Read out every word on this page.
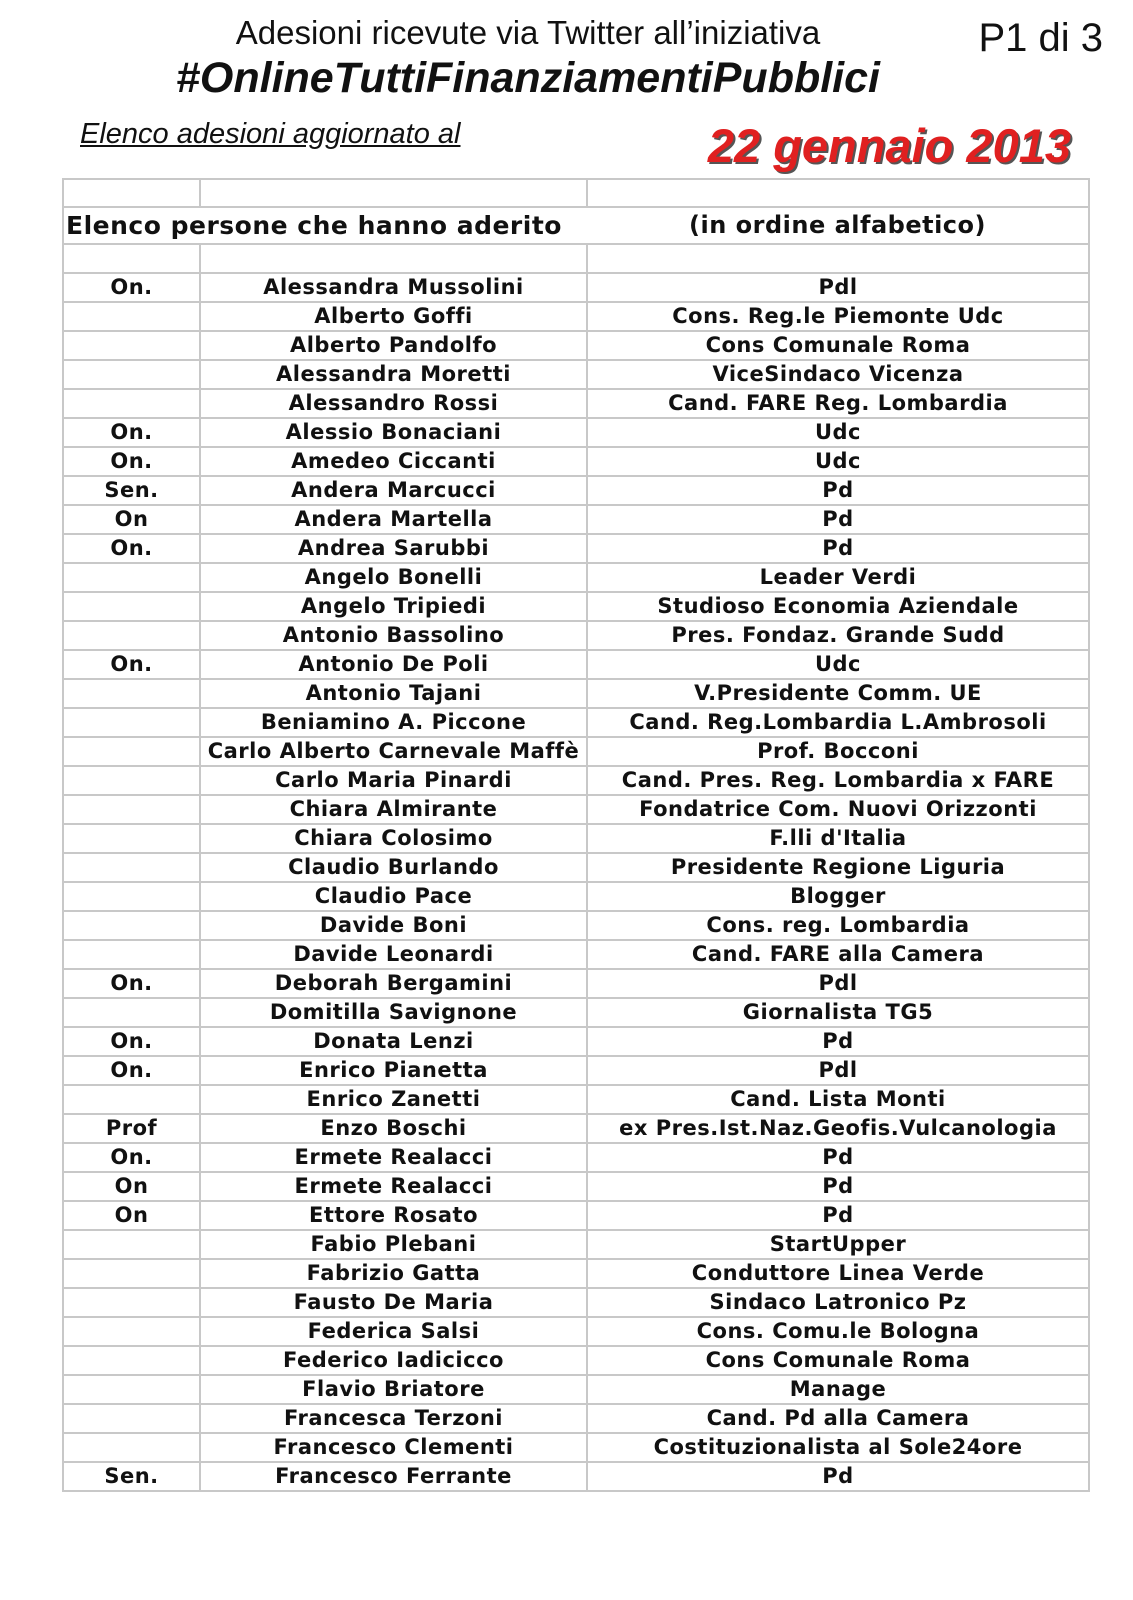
Adesioni ricevute via Twitter all’iniziativa
#OnlineTuttiFinanziamentiPubblici
P1 di 3
Elenco adesioni aggiornato al	22 gennaio 2013

Elenco persone che hanno aderito		(in ordine alfabetico)

On.	Alessandra Mussolini	Pdl
	Alberto Goffi	Cons. Reg.le Piemonte Udc
	Alberto Pandolfo	Cons Comunale Roma
	Alessandra Moretti	ViceSindaco Vicenza
	Alessandro Rossi	Cand. FARE Reg. Lombardia
On.	Alessio Bonaciani	Udc
On.	Amedeo Ciccanti	Udc
Sen.	Andera Marcucci	Pd
On	Andera Martella	Pd
On.	Andrea Sarubbi	Pd
	Angelo Bonelli	Leader Verdi
	Angelo Tripiedi	Studioso Economia Aziendale
	Antonio Bassolino	Pres. Fondaz. Grande Sudd
On.	Antonio De Poli	Udc
	Antonio Tajani	V.Presidente Comm. UE
	Beniamino A. Piccone	Cand. Reg.Lombardia L.Ambrosoli
	Carlo Alberto Carnevale Maffè	Prof. Bocconi
	Carlo Maria Pinardi	Cand. Pres. Reg. Lombardia x FARE
	Chiara Almirante	Fondatrice Com. Nuovi Orizzonti
	Chiara Colosimo	F.lli d'Italia
	Claudio Burlando	Presidente Regione Liguria
	Claudio Pace	Blogger
	Davide Boni	Cons. reg. Lombardia
	Davide Leonardi	Cand. FARE alla Camera
On.	Deborah Bergamini	Pdl
	Domitilla Savignone	Giornalista TG5
On.	Donata Lenzi	Pd
On.	Enrico Pianetta	Pdl
	Enrico Zanetti	Cand. Lista Monti
Prof	Enzo Boschi	ex Pres.Ist.Naz.Geofis.Vulcanologia
On.	Ermete Realacci	Pd
On	Ermete Realacci	Pd
On	Ettore Rosato	Pd
	Fabio Plebani	StartUpper
	Fabrizio Gatta	Conduttore Linea Verde
	Fausto De Maria	Sindaco Latronico Pz
	Federica Salsi	Cons. Comu.le Bologna
	Federico Iadicicco	Cons Comunale Roma
	Flavio Briatore	Manage
	Francesca Terzoni	Cand. Pd alla Camera
	Francesco Clementi	Costituzionalista al Sole24ore
Sen.	Francesco Ferrante	Pd
